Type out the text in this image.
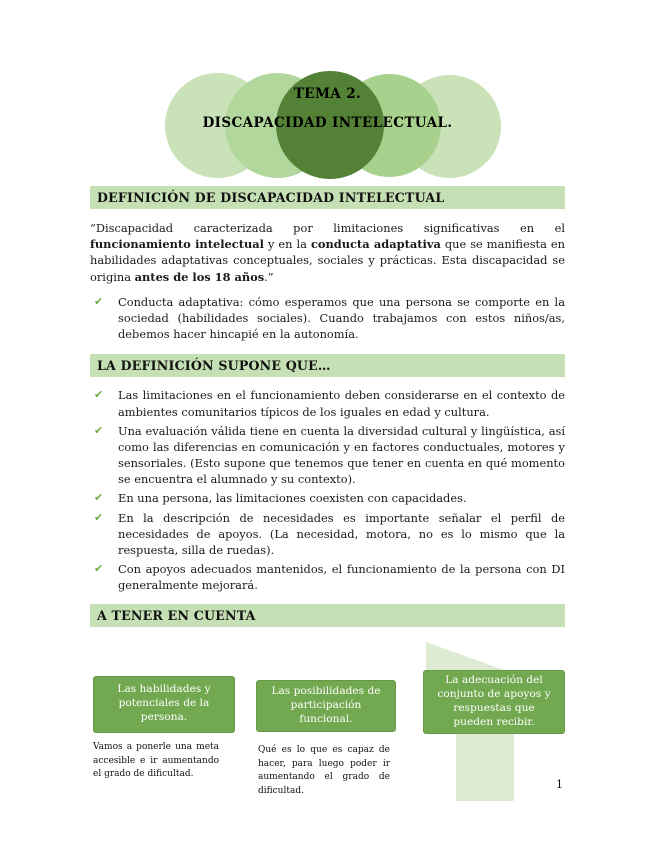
TEMA 2.
DISCAPACIDAD INTELECTUAL.
DEFINICIÓN DE DISCAPACIDAD INTELECTUAL

“Discapacidad caracterizada por limitaciones significativas en el funcionamiento intelectual y en la conducta adaptativa que se manifiesta en habilidades adaptativas conceptuales, sociales y prácticas. Esta discapacidad se origina antes de los 18 años.”

✔	Conducta adaptativa: cómo esperamos que una persona se comporte en la sociedad (habilidades sociales). Cuando trabajamos con estos niños/as, debemos hacer hincapié en la autonomía.
LA DEFINICIÓN SUPONE QUE…
✔	Las limitaciones en el funcionamiento deben considerarse en el contexto de ambientes comunitarios típicos de los iguales en edad y cultura.
✔	Una evaluación válida tiene en cuenta la diversidad cultural y lingüística, así como las diferencias en comunicación y en factores conductuales, motores y sensoriales. (Esto supone que tenemos que tener en cuenta en qué momento se encuentra el alumnado y su contexto).
✔	En una persona, las limitaciones coexisten con capacidades.
✔	En la descripción de necesidades es importante señalar el perfil de necesidades de apoyos. (La necesidad, motora, no es lo mismo que la respuesta, silla de ruedas).
✔	Con apoyos adecuados mantenidos, el funcionamiento de la persona con DI generalmente mejorará.
A TENER EN CUENTA
Las habilidades y potenciales de la persona.
Las posibilidades de participación funcional.
La adecuación del conjunto de apoyos y respuestas que pueden recibir.
Vamos a ponerle una meta accesible e ir aumentando el grado de dificultad.
Qué es lo que es capaz de hacer, para luego poder ir aumentando el grado de dificultad.
1
